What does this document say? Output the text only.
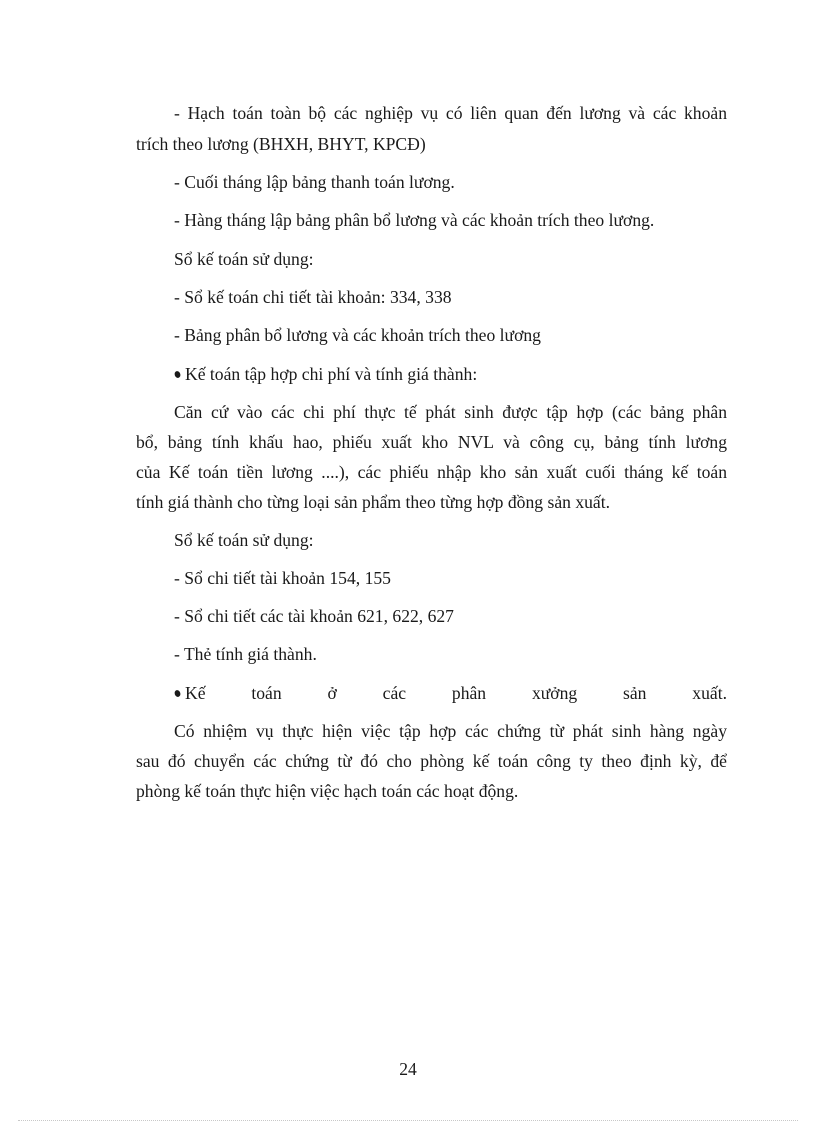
- Hạch toán toàn bộ các nghiệp vụ có liên quan đến lương và các khoản
trích theo lương (BHXH, BHYT, KPCĐ)
- Cuối tháng lập bảng thanh toán lương.
- Hàng tháng lập bảng phân bổ lương và các khoản trích theo lương.
Sổ kế toán sử dụng:
- Sổ kế toán chi tiết tài khoản: 334, 338
- Bảng phân bổ lương và các khoản trích theo lương
Kế toán tập hợp chi phí và tính giá thành:
Căn cứ vào các chi phí thực tế phát sinh được tập hợp (các bảng phân
bổ, bảng tính khấu hao, phiếu xuất kho NVL và công cụ, bảng tính lương
của Kế toán tiền lương ....), các phiếu nhập kho sản xuất cuối tháng kế toán
tính giá thành cho từng loại sản phẩm theo từng hợp đồng sản xuất.
Sổ kế toán sử dụng:
- Sổ chi tiết tài khoản 154, 155
- Sổ chi tiết các tài khoản 621, 622, 627
- Thẻ tính giá thành.
Kế toán ở các phân xưởng sản xuất.
Có nhiệm vụ thực hiện việc tập hợp các chứng từ phát sinh hàng ngày
sau đó chuyển các chứng từ đó cho phòng kế toán công ty theo định kỳ, để
phòng kế toán thực hiện việc hạch toán các hoạt động.
24
